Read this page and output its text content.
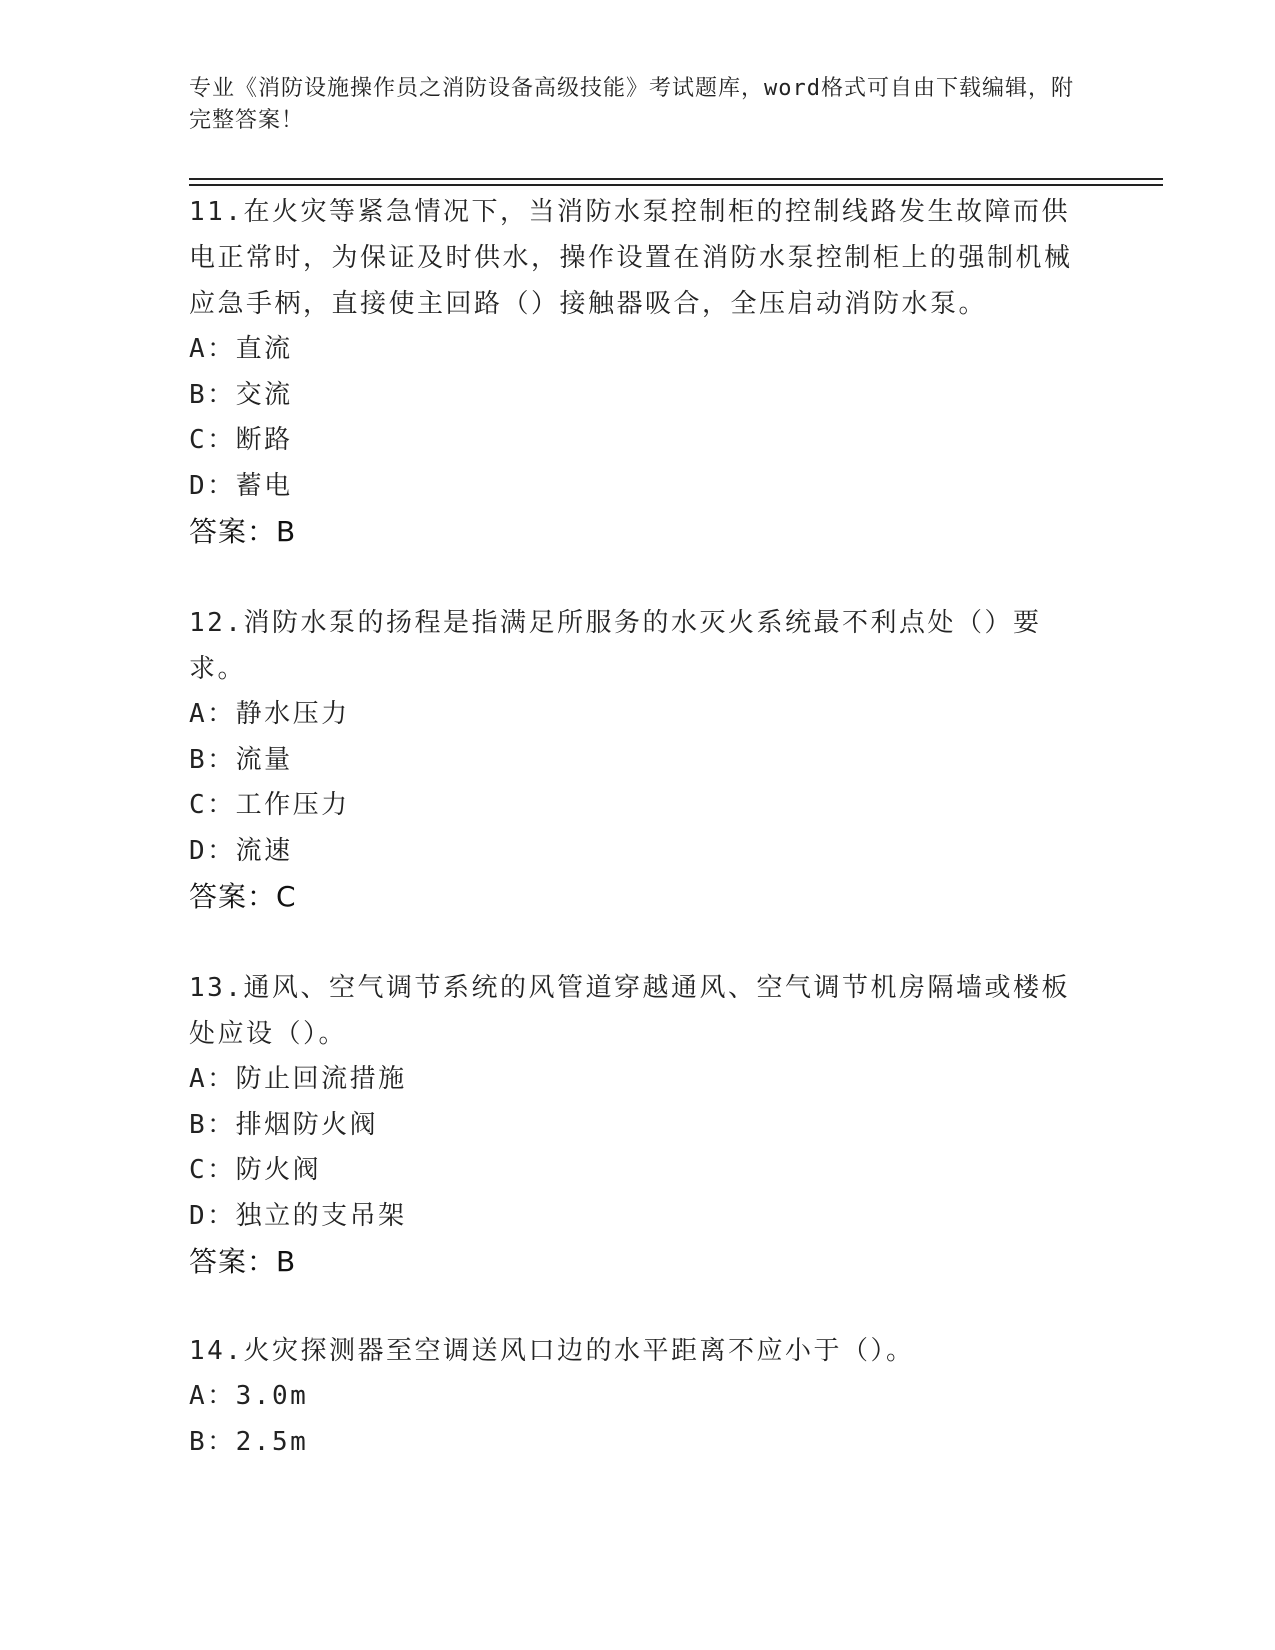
专业《消防设施操作员之消防设备高级技能》考试题库，word格式可自由下载编辑，附完整答案！

11.在火灾等紧急情况下，当消防水泵控制柜的控制线路发生故障而供电正常时，为保证及时供水，操作设置在消防水泵控制柜上的强制机械应急手柄，直接使主回路（）接触器吸合，全压启动消防水泵。

A： 直流
B： 交流
C： 断路
D： 蓄电
答案：B

12.消防水泵的扬程是指满足所服务的水灭火系统最不利点处（）要求。

A： 静水压力
B： 流量
C： 工作压力
D： 流速
答案：C

13.通风、空气调节系统的风管道穿越通风、空气调节机房隔墙或楼板处应设（）。

A： 防止回流措施
B： 排烟防火阀
C： 防火阀
D： 独立的支吊架
答案：B

14.火灾探测器至空调送风口边的水平距离不应小于（）。

A： 3.0m
B： 2.5m
